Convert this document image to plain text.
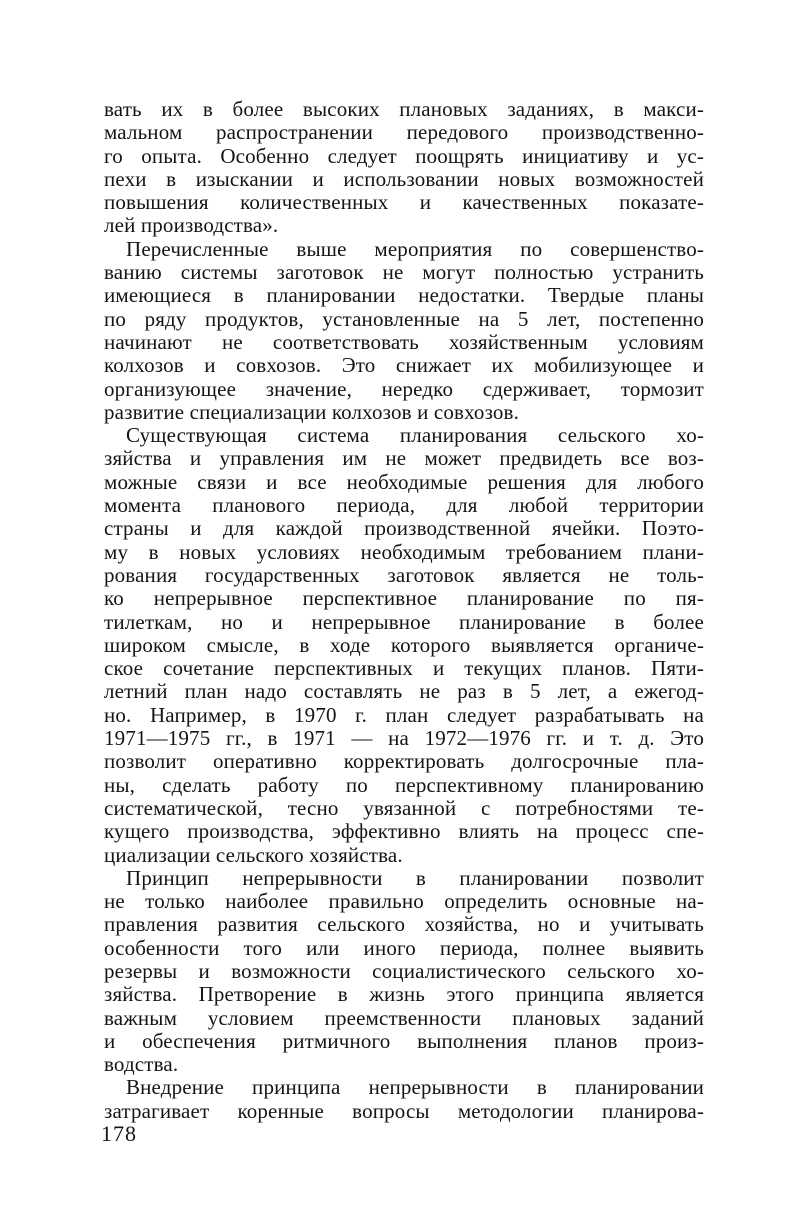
вать их в более высоких плановых заданиях, в макси-
мальном распространении передового производственно-
го опыта. Особенно следует поощрять инициативу и ус-
пехи в изыскании и использовании новых возможностей
повышения количественных и качественных показате-
лей производства».

Перечисленные выше мероприятия по совершенство-
ванию системы заготовок не могут полностью устранить
имеющиеся в планировании недостатки. Твердые планы
по ряду продуктов, установленные на 5 лет, постепенно
начинают не соответствовать хозяйственным условиям
колхозов и совхозов. Это снижает их мобилизующее и
организующее значение, нередко сдерживает, тормозит
развитие специализации колхозов и совхозов.

Существующая система планирования сельского хо-
зяйства и управления им не может предвидеть все воз-
можные связи и все необходимые решения для любого
момента планового периода, для любой территории
страны и для каждой производственной ячейки. Поэто-
му в новых условиях необходимым требованием плани-
рования государственных заготовок является не толь-
ко непрерывное перспективное планирование по пя-
тилеткам, но и непрерывное планирование в более
широком смысле, в ходе которого выявляется органиче-
ское сочетание перспективных и текущих планов. Пяти-
летний план надо составлять не раз в 5 лет, а ежегод-
но. Например, в 1970 г. план следует разрабатывать на
1971—1975 гг., в 1971 — на 1972—1976 гг. и т. д. Это
позволит оперативно корректировать долгосрочные пла-
ны, сделать работу по перспективному планированию
систематической, тесно увязанной с потребностями те-
кущего производства, эффективно влиять на процесс спе-
циализации сельского хозяйства.

Принцип непрерывности в планировании позволит
не только наиболее правильно определить основные на-
правления развития сельского хозяйства, но и учитывать
особенности того или иного периода, полнее выявить
резервы и возможности социалистического сельского хо-
зяйства. Претворение в жизнь этого принципа является
важным условием преемственности плановых заданий
и обеспечения ритмичного выполнения планов произ-
водства.

Внедрение принципа непрерывности в планировании
затрагивает коренные вопросы методологии планирова-

178
